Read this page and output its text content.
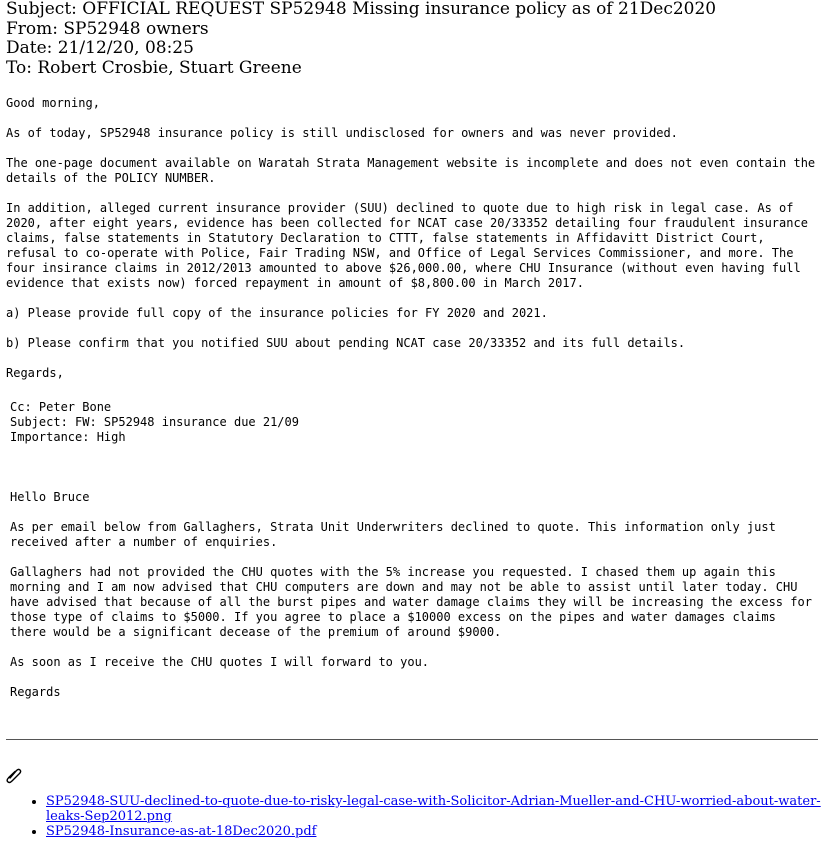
Subject: OFFICIAL REQUEST SP52948 Missing insurance policy as of 21Dec2020
From: SP52948 owners
Date: 21/12/20, 08:25
To: Robert Crosbie, Stuart Greene

Good morning,

As of today, SP52948 insurance policy is still undisclosed for owners and was never provided.

The one-page document available on Waratah Strata Management website is incomplete and does not even contain the details of the POLICY NUMBER.

In addition, alleged current insurance provider (SUU) declined to quote due to high risk in legal case. As of 2020, after eight years, evidence has been collected for NCAT case 20/33352 detailing four fraudulent insurance claims, false statements in Statutory Declaration to CTTT, false statements in Affidavitt District Court, refusal to co-operate with Police, Fair Trading NSW, and Office of Legal Services Commissioner, and more. The four insirance claims in 2012/2013 amounted to above $26,000.00, where CHU Insurance (without even having full evidence that exists now) forced repayment in amount of $8,800.00 in March 2017.

a) Please provide full copy of the insurance policies for FY 2020 and 2021.

b) Please confirm that you notified SUU about pending NCAT case 20/33352 and its full details.

Regards,

Cc: Peter Bone
Subject: FW: SP52948 insurance due 21/09
Importance: High

Hello Bruce

As per email below from Gallaghers, Strata Unit Underwriters declined to quote. This information only just received after a number of enquiries.

Gallaghers had not provided the CHU quotes with the 5% increase you requested. I chased them up again this morning and I am now advised that CHU computers are down and may not be able to assist until later today. CHU have advised that because of all the burst pipes and water damage claims they will be increasing the excess for those type of claims to $5000. If you agree to place a $10000 excess on the pipes and water damages claims there would be a significant decease of the premium of around $9000.

As soon as I receive the CHU quotes I will forward to you.

Regards

• SP52948-SUU-declined-to-quote-due-to-risky-legal-case-with-Solicitor-Adrian-Mueller-and-CHU-worried-about-water-leaks-Sep2012.png
• SP52948-Insurance-as-at-18Dec2020.pdf
